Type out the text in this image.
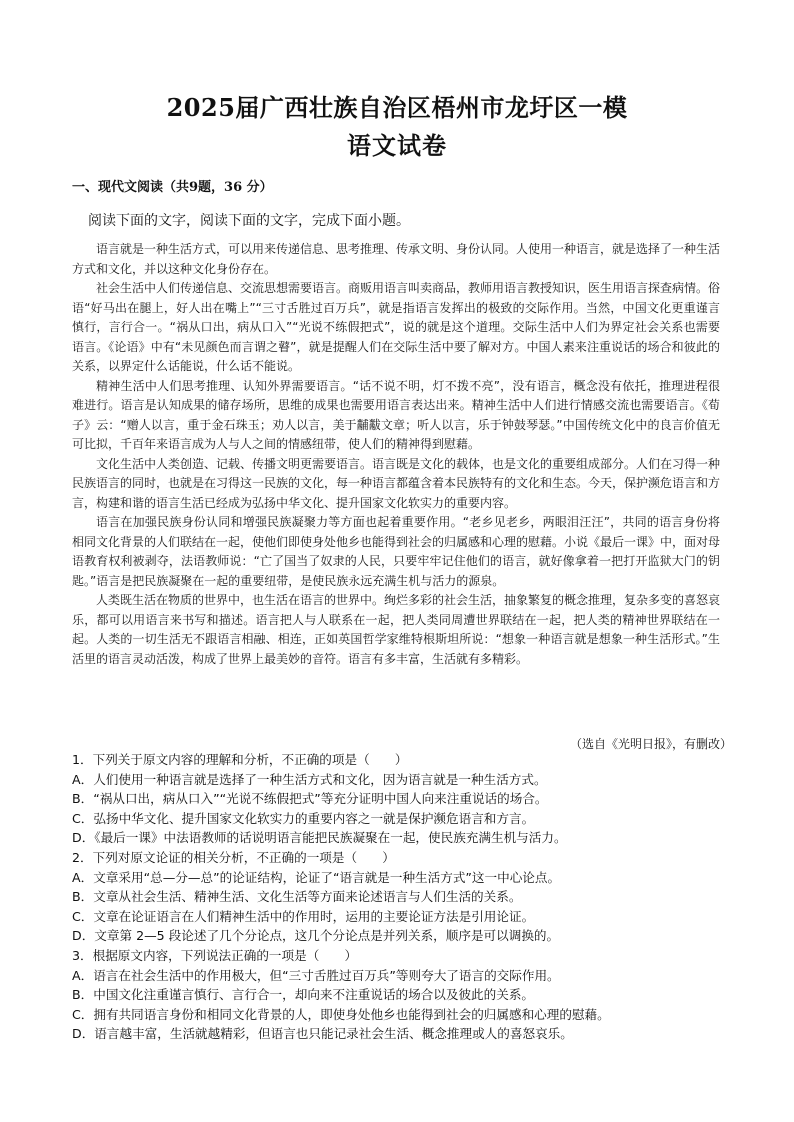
2025届广西壮族自治区梧州市龙圩区一模
语文试卷
一、现代文阅读（共9题，36 分）
阅读下面的文字，阅读下面的文字，完成下面小题。

语言就是一种生活方式，可以用来传递信息、思考推理、传承文明、身份认同。人使用一种语言，就是选择了一种生活方式和文化，并以这种文化身份存在。

社会生活中人们传递信息、交流思想需要语言。商贩用语言叫卖商品，教师用语言教授知识，医生用语言探查病情。俗语“好马出在腿上，好人出在嘴上”“三寸舌胜过百万兵”，就是指语言发挥出的极致的交际作用。当然，中国文化更重谨言慎行，言行合一。“祸从口出，病从口入”“光说不练假把式”，说的就是这个道理。交际生活中人们为界定社会关系也需要语言。《论语》中有“未见颜色而言谓之瞽”，就是提醒人们在交际生活中要了解对方。中国人素来注重说话的场合和彼此的关系，以界定什么话能说，什么话不能说。

精神生活中人们思考推理、认知外界需要语言。“话不说不明，灯不拨不亮”，没有语言，概念没有依托，推理进程很难进行。语言是认知成果的储存场所，思维的成果也需要用语言表达出来。精神生活中人们进行情感交流也需要语言。《荀子》云：“赠人以言，重于金石珠玉；劝人以言，美于黼黻文章；听人以言，乐于钟鼓琴瑟。”中国传统文化中的良言价值无可比拟，千百年来语言成为人与人之间的情感纽带，使人们的精神得到慰藉。

文化生活中人类创造、记载、传播文明更需要语言。语言既是文化的载体，也是文化的重要组成部分。人们在习得一种民族语言的同时，也就是在习得这一民族的文化，每一种语言都蕴含着本民族特有的文化和生态。今天，保护濒危语言和方言，构建和谐的语言生活已经成为弘扬中华文化、提升国家文化软实力的重要内容。

语言在加强民族身份认同和增强民族凝聚力等方面也起着重要作用。“老乡见老乡，两眼泪汪汪”，共同的语言身份将相同文化背景的人们联结在一起，使他们即使身处他乡也能得到社会的归属感和心理的慰藉。小说《最后一课》中，面对母语教育权利被剥夺，法语教师说：“亡了国当了奴隶的人民，只要牢牢记住他们的语言，就好像拿着一把打开监狱大门的钥匙。”语言是把民族凝聚在一起的重要纽带，是使民族永远充满生机与活力的源泉。

人类既生活在物质的世界中，也生活在语言的世界中。绚烂多彩的社会生活，抽象繁复的概念推理，复杂多变的喜怒哀乐，都可以用语言来书写和描述。语言把人与人联系在一起，把人类同周遭世界联结在一起，把人类的精神世界联结在一起。人类的一切生活无不跟语言相融、相连，正如英国哲学家维特根斯坦所说：“想象一种语言就是想象一种生活形式。”生活里的语言灵动活泼，构成了世界上最美妙的音符。语言有多丰富，生活就有多精彩。

（选自《光明日报》，有删改）
1．下列关于原文内容的理解和分析，不正确的项是（　　）
A．人们使用一种语言就是选择了一种生活方式和文化，因为语言就是一种生活方式。
B．“祸从口出，病从口入”“光说不练假把式”等充分证明中国人向来注重说话的场合。
C．弘扬中华文化、提升国家文化软实力的重要内容之一就是保护濒危语言和方言。
D．《最后一课》中法语教师的话说明语言能把民族凝聚在一起，使民族充满生机与活力。
2．下列对原文论证的相关分析，不正确的一项是（　　）
A．文章采用“总—分—总”的论证结构，论证了“语言就是一种生活方式”这一中心论点。
B．文章从社会生活、精神生活、文化生活等方面来论述语言与人们生活的关系。
C．文章在论证语言在人们精神生活中的作用时，运用的主要论证方法是引用论证。
D．文章第 2—5 段论述了几个分论点，这几个分论点是并列关系，顺序是可以调换的。
3．根据原文内容，下列说法正确的一项是（　　）
A．语言在社会生活中的作用极大，但“三寸舌胜过百万兵”等则夸大了语言的交际作用。
B．中国文化注重谨言慎行、言行合一，却向来不注重说话的场合以及彼此的关系。
C．拥有共同语言身份和相同文化背景的人，即使身处他乡也能得到社会的归属感和心理的慰藉。
D．语言越丰富，生活就越精彩，但语言也只能记录社会生活、概念推理或人的喜怒哀乐。
